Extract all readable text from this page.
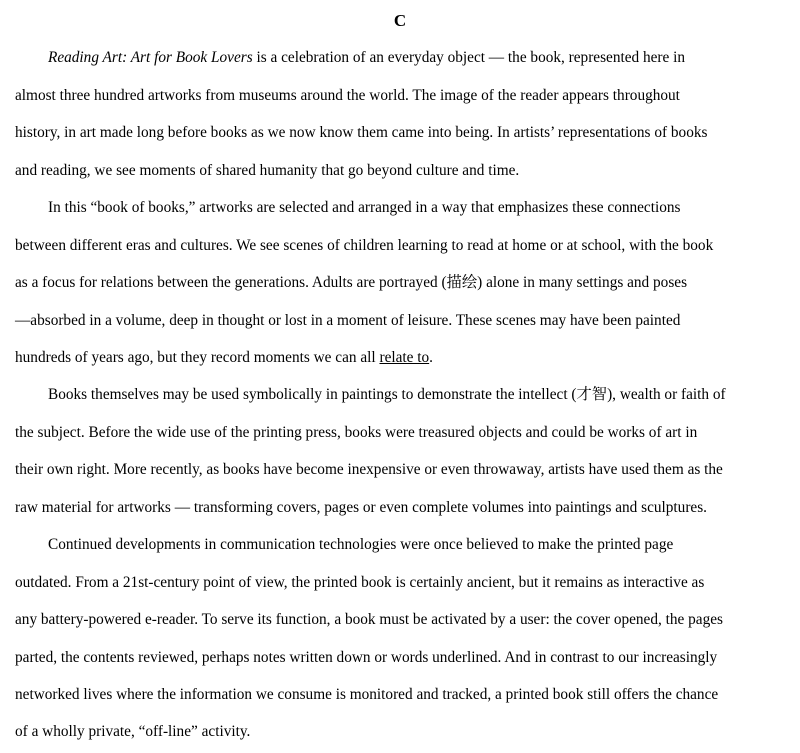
C
Reading Art: Art for Book Lovers is a celebration of an everyday object — the book, represented here in
almost three hundred artworks from museums around the world. The image of the reader appears throughout
history, in art made long before books as we now know them came into being. In artists’ representations of books
and reading, we see moments of shared humanity that go beyond culture and time.
In this “book of books,” artworks are selected and arranged in a way that emphasizes these connections
between different eras and cultures. We see scenes of children learning to read at home or at school, with the book
as a focus for relations between the generations. Adults are portrayed (描绘) alone in many settings and poses
—absorbed in a volume, deep in thought or lost in a moment of leisure. These scenes may have been painted
hundreds of years ago, but they record moments we can all relate to.
Books themselves may be used symbolically in paintings to demonstrate the intellect (才智), wealth or faith of
the subject. Before the wide use of the printing press, books were treasured objects and could be works of art in
their own right. More recently, as books have become inexpensive or even throwaway, artists have used them as the
raw material for artworks — transforming covers, pages or even complete volumes into paintings and sculptures.
Continued developments in communication technologies were once believed to make the printed page
outdated. From a 21st-century point of view, the printed book is certainly ancient, but it remains as interactive as
any battery-powered e-reader. To serve its function, a book must be activated by a user: the cover opened, the pages
parted, the contents reviewed, perhaps notes written down or words underlined. And in contrast to our increasingly
networked lives where the information we consume is monitored and tracked, a printed book still offers the chance
of a wholly private, “off-line” activity.
